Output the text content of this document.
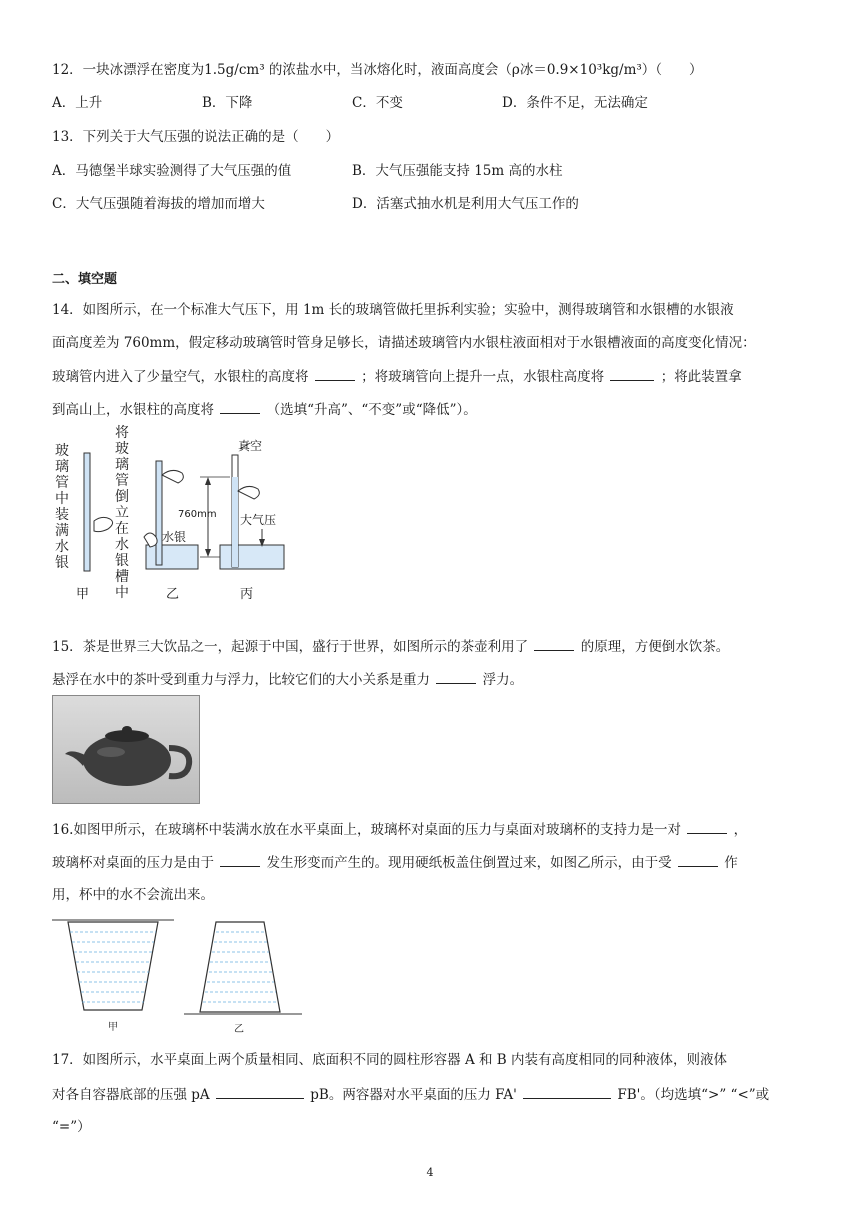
12．一块冰漂浮在密度为1.5g/cm³ 的浓盐水中，当冰熔化时，液面高度会（ρ冰＝0.9×10³kg/m³）（　　）
A．上升	B．下降	C．不变	D．条件不足，无法确定
13．下列关于大气压强的说法正确的是（　　）
A．马德堡半球实验测得了大气压强的值	B．大气压强能支持 15m 高的水柱
C．大气压强随着海拔的增加而增大	D．活塞式抽水机是利用大气压工作的
二、填空题
14．如图所示，在一个标准大气压下，用 1m 长的玻璃管做托里拆利实验；实验中，测得玻璃管和水银槽的水银液
面高度差为 760mm，假定移动玻璃管时管身足够长，请描述玻璃管内水银柱液面相对于水银槽液面的高度变化情况：
玻璃管内进入了少量空气，水银柱的高度将	；将玻璃管向上提升一点，水银柱高度将	；将此装置拿
到高山上，水银柱的高度将	（选填“升高”、“不变”或“降低”）。
玻璃管中装满水银
将玻璃管倒立在水银槽中
甲	乙	丙
水银
760mm
真空
大气压
15．茶是世界三大饮品之一，起源于中国，盛行于世界，如图所示的茶壶利用了	的原理，方便倒水饮茶。
悬浮在水中的茶叶受到重力与浮力，比较它们的大小关系是重力	浮力。
16.如图甲所示，在玻璃杯中装满水放在水平桌面上，玻璃杯对桌面的压力与桌面对玻璃杯的支持力是一对	，
玻璃杯对桌面的压力是由于	发生形变而产生的。现用硬纸板盖住倒置过来，如图乙所示，由于受	作
用，杯中的水不会流出来。
甲	乙
17．如图所示，水平桌面上两个质量相同、底面积不同的圆柱形容器 A 和 B 内装有高度相同的同种液体，则液体
对各自容器底部的压强 pA	pB。两容器对水平桌面的压力 FA'	FB'。（均选填“>” “<”或
“=”）
4
